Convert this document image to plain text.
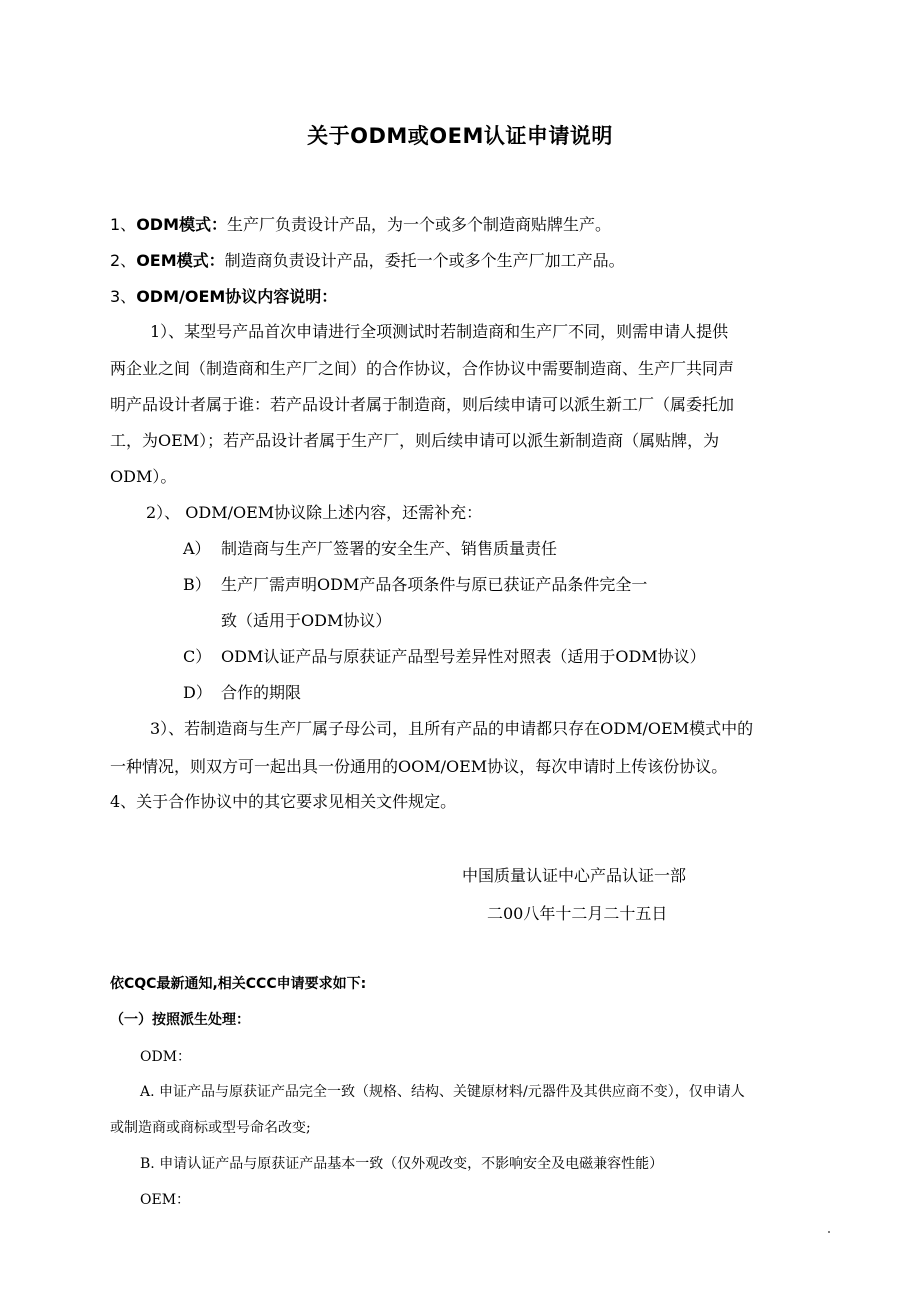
关于ODM或OEM认证申请说明
1、ODM模式：生产厂负责设计产品，为一个或多个制造商贴牌生产。
2、OEM模式：制造商负责设计产品，委托一个或多个生产厂加工产品。
3、ODM/OEM协议内容说明：
1）、某型号产品首次申请进行全项测试时若制造商和生产厂不同，则需申请人提供
两企业之间（制造商和生产厂之间）的合作协议，合作协议中需要制造商、生产厂共同声
明产品设计者属于谁：若产品设计者属于制造商，则后续申请可以派生新工厂（属委托加
工，为OEM）；若产品设计者属于生产厂，则后续申请可以派生新制造商（属贴牌，为
ODM）。
2）、 ODM/OEM协议除上述内容，还需补充：
A） 制造商与生产厂签署的安全生产、销售质量责任
B） 生产厂需声明ODM产品各项条件与原已获证产品条件完全一
致（适用于ODM协议）
C） ODM认证产品与原获证产品型号差异性对照表（适用于ODM协议）
D） 合作的期限
3）、若制造商与生产厂属子母公司，且所有产品的申请都只存在ODM/OEM模式中的
一种情况，则双方可一起出具一份通用的OOM/OEM协议，每次申请时上传该份协议。
4、关于合作协议中的其它要求见相关文件规定。
中国质量认证中心产品认证一部
二00八年十二月二十五日
依CQC最新通知,相关CCC申请要求如下:
（一）按照派生处理：
ODM：
A. 申证产品与原获证产品完全一致（规格、结构、关键原材料/元器件及其供应商不变），仅申请人
或制造商或商标或型号命名改变;
B. 申请认证产品与原获证产品基本一致（仅外观改变，不影响安全及电磁兼容性能）
OEM：
